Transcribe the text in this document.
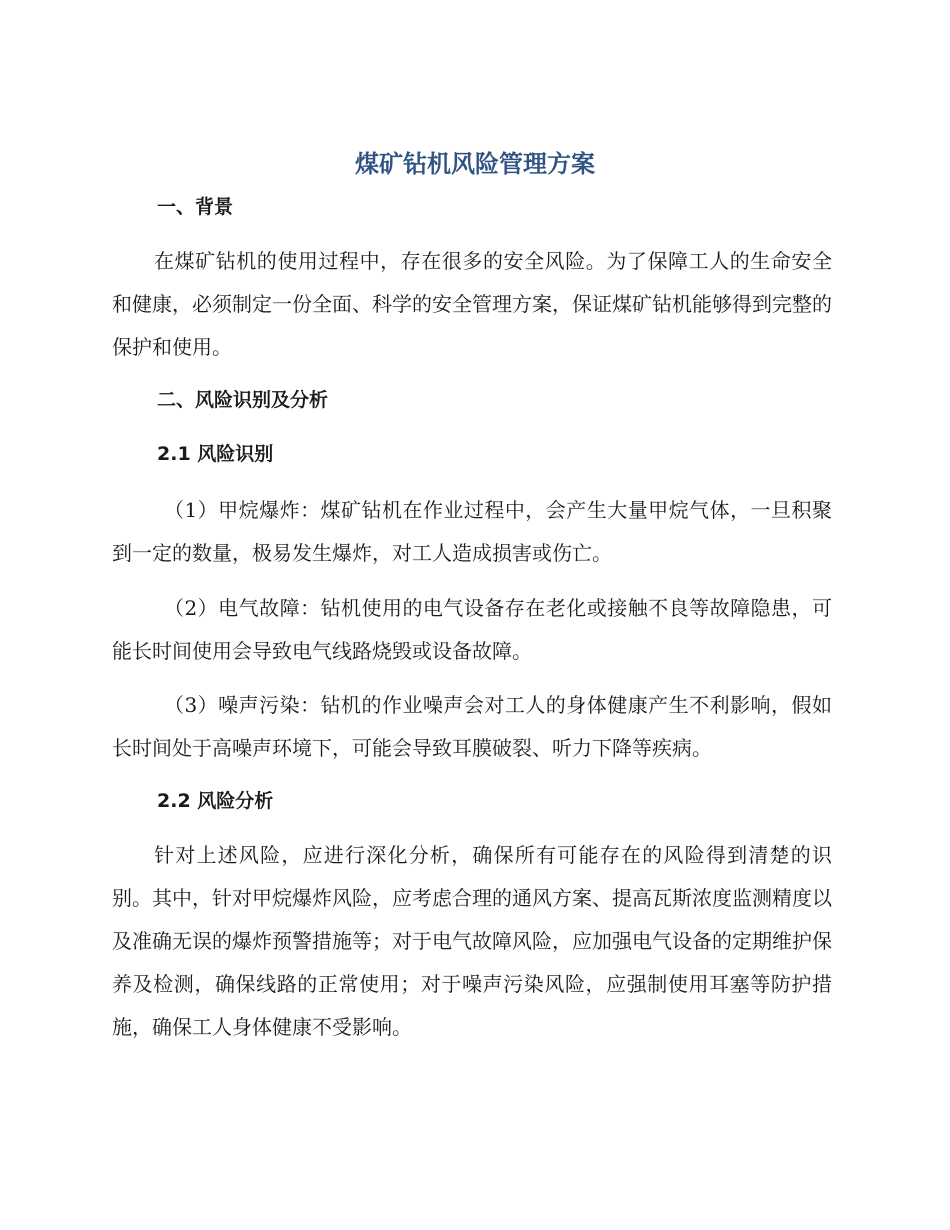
煤矿钻机风险管理方案
一、背景

在煤矿钻机的使用过程中，存在很多的安全风险。为了保障工人的生命安全和健康，必须制定一份全面、科学的安全管理方案，保证煤矿钻机能够得到完整的保护和使用。

二、风险识别及分析
2.1 风险识别

（1）甲烷爆炸：煤矿钻机在作业过程中，会产生大量甲烷气体，一旦积聚到一定的数量，极易发生爆炸，对工人造成损害或伤亡。

（2）电气故障：钻机使用的电气设备存在老化或接触不良等故障隐患，可能长时间使用会导致电气线路烧毁或设备故障。

（3）噪声污染：钻机的作业噪声会对工人的身体健康产生不利影响，假如长时间处于高噪声环境下，可能会导致耳膜破裂、听力下降等疾病。

2.2 风险分析

针对上述风险，应进行深化分析，确保所有可能存在的风险得到清楚的识别。其中，针对甲烷爆炸风险，应考虑合理的通风方案、提高瓦斯浓度监测精度以及准确无误的爆炸预警措施等；对于电气故障风险，应加强电气设备的定期维护保养及检测，确保线路的正常使用；对于噪声污染风险，应强制使用耳塞等防护措施，确保工人身体健康不受影响。
